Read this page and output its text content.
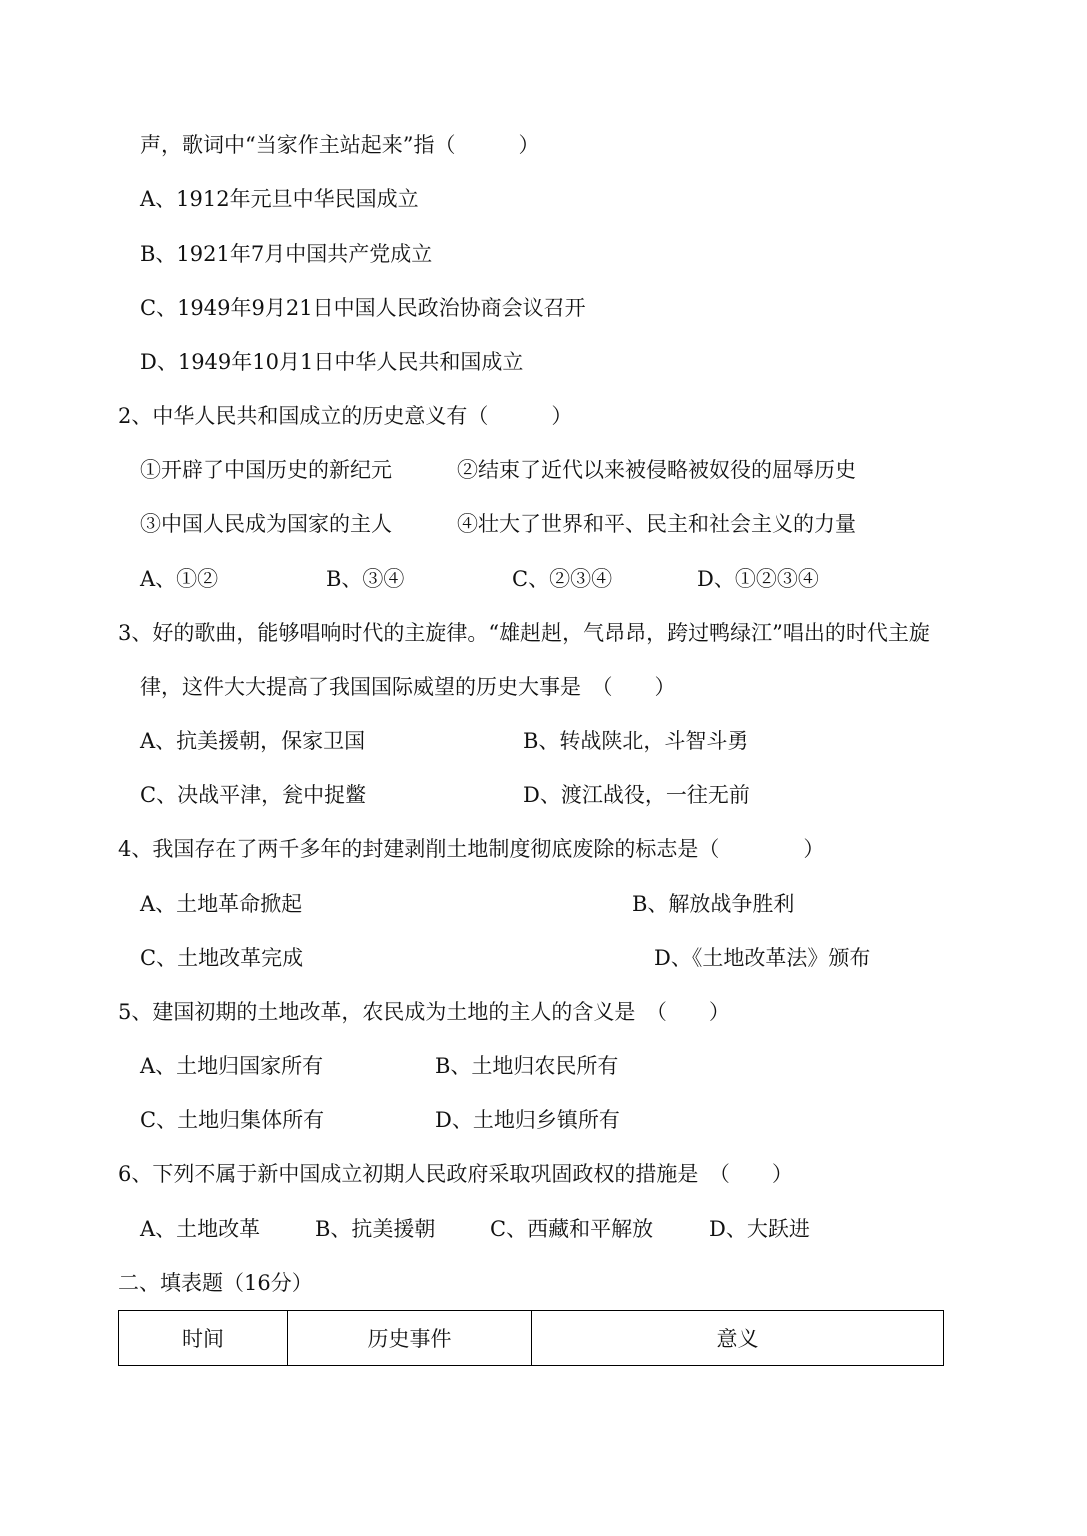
声，歌词中“当家作主站起来”指（　　　）
A、1912年元旦中华民国成立
B、1921年7月中国共产党成立
C、1949年9月21日中国人民政治协商会议召开
D、1949年10月1日中华人民共和国成立
2、中华人民共和国成立的历史意义有（　　　）
①开辟了中国历史的新纪元	②结束了近代以来被侵略被奴役的屈辱历史
③中国人民成为国家的主人	④壮大了世界和平、民主和社会主义的力量
A、①②	B、③④	C、②③④	D、①②③④
3、好的歌曲，能够唱响时代的主旋律。“雄赳赳，气昂昂，跨过鸭绿江”唱出的时代主旋
律，这件大大提高了我国国际威望的历史大事是　（　　）
A、抗美援朝，保家卫国	B、转战陕北，斗智斗勇
C、决战平津，瓮中捉鳖	D、渡江战役，一往无前
4、我国存在了两千多年的封建剥削土地制度彻底废除的标志是（　　　　）
A、土地革命掀起	B、解放战争胜利
C、土地改革完成	D、《土地改革法》颁布
5、建国初期的土地改革，农民成为土地的主人的含义是　（　　）
A、土地归国家所有	B、土地归农民所有
C、土地归集体所有	D、土地归乡镇所有
6、下列不属于新中国成立初期人民政府采取巩固政权的措施是　（　　）
A、土地改革	B、抗美援朝	C、西藏和平解放	D、大跃进
二、填表题（16分）
时间	历史事件	意义
